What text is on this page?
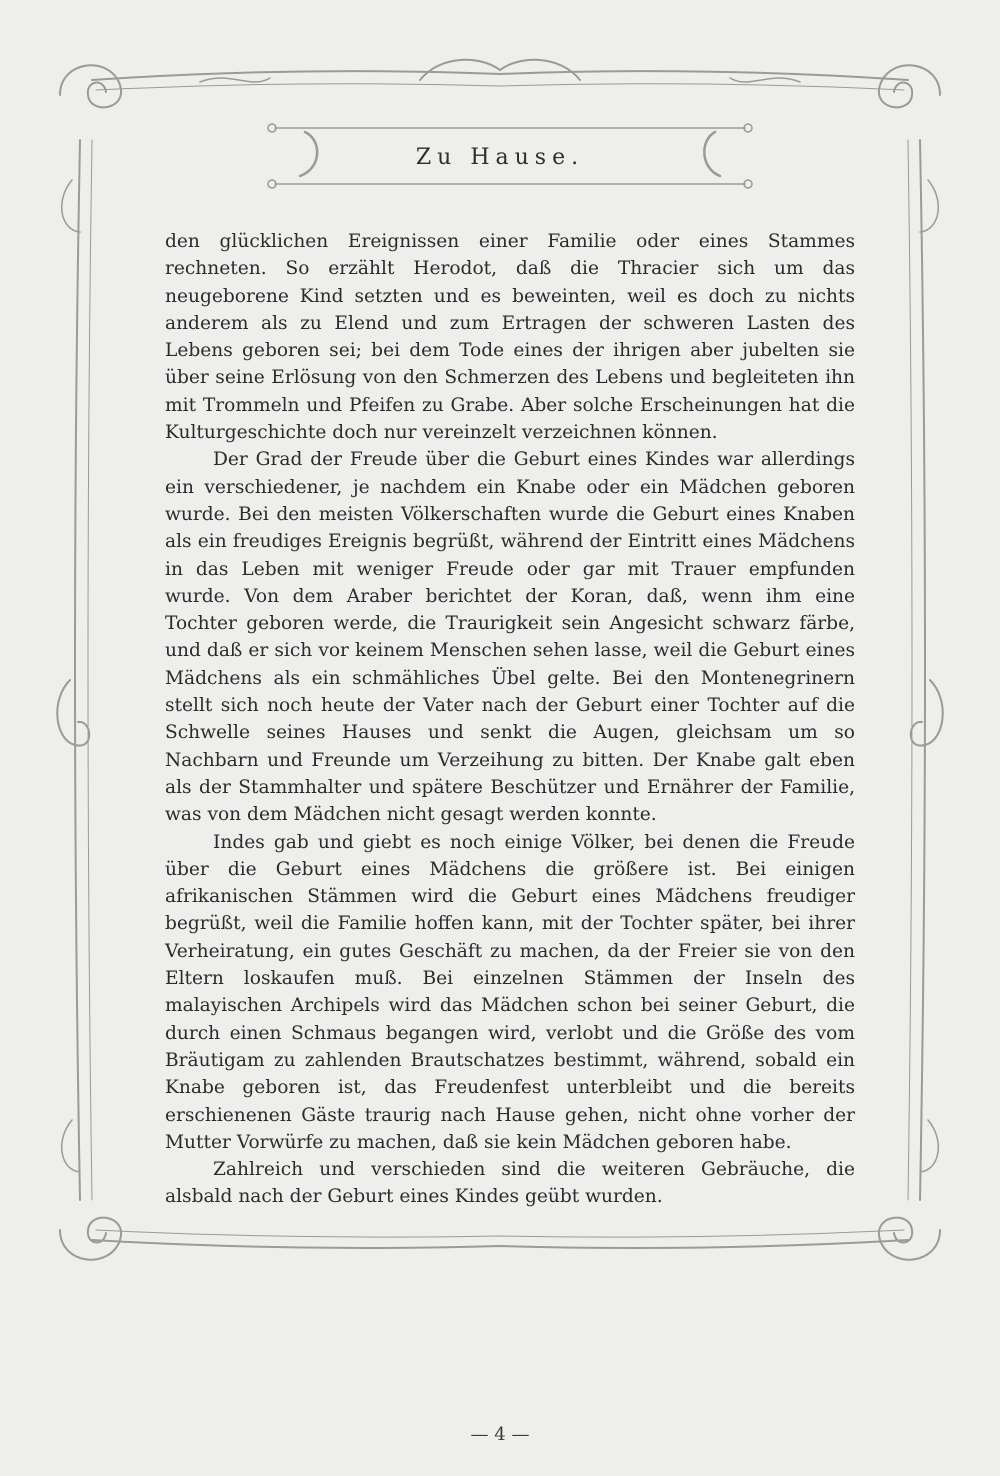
Zu Hause.

den glücklichen Ereignissen einer Familie oder eines Stammes rechneten. So erzählt Herodot, daß die Thracier sich um das neugeborene Kind setzten und es beweinten, weil es doch zu nichts anderem als zu Elend und zum Ertragen der schweren Lasten des Lebens geboren sei; bei dem Tode eines der ihrigen aber jubelten sie über seine Erlösung von den Schmerzen des Lebens und begleiteten ihn mit Trommeln und Pfeifen zu Grabe. Aber solche Erscheinungen hat die Kulturgeschichte doch nur vereinzelt verzeichnen können.

Der Grad der Freude über die Geburt eines Kindes war allerdings ein verschiedener, je nachdem ein Knabe oder ein Mädchen geboren wurde. Bei den meisten Völkerschaften wurde die Geburt eines Knaben als ein freudiges Ereignis begrüßt, während der Eintritt eines Mädchens in das Leben mit weniger Freude oder gar mit Trauer empfunden wurde. Von dem Araber berichtet der Koran, daß, wenn ihm eine Tochter geboren werde, die Traurigkeit sein Angesicht schwarz färbe, und daß er sich vor keinem Menschen sehen lasse, weil die Geburt eines Mädchens als ein schmähliches Übel gelte. Bei den Montenegrinern stellt sich noch heute der Vater nach der Geburt einer Tochter auf die Schwelle seines Hauses und senkt die Augen, gleichsam um so Nachbarn und Freunde um Verzeihung zu bitten. Der Knabe galt eben als der Stammhalter und spätere Beschützer und Ernährer der Familie, was von dem Mädchen nicht gesagt werden konnte.

Indes gab und giebt es noch einige Völker, bei denen die Freude über die Geburt eines Mädchens die größere ist. Bei einigen afrikanischen Stämmen wird die Geburt eines Mädchens freudiger begrüßt, weil die Familie hoffen kann, mit der Tochter später, bei ihrer Verheiratung, ein gutes Geschäft zu machen, da der Freier sie von den Eltern loskaufen muß. Bei einzelnen Stämmen der Inseln des malayischen Archipels wird das Mädchen schon bei seiner Geburt, die durch einen Schmaus begangen wird, verlobt und die Größe des vom Bräutigam zu zahlenden Brautschatzes bestimmt, während, sobald ein Knabe geboren ist, das Freudenfest unterbleibt und die bereits erschienenen Gäste traurig nach Hause gehen, nicht ohne vorher der Mutter Vorwürfe zu machen, daß sie kein Mädchen geboren habe.

Zahlreich und verschieden sind die weiteren Gebräuche, die alsbald nach der Geburt eines Kindes geübt wurden.

— 4 —
